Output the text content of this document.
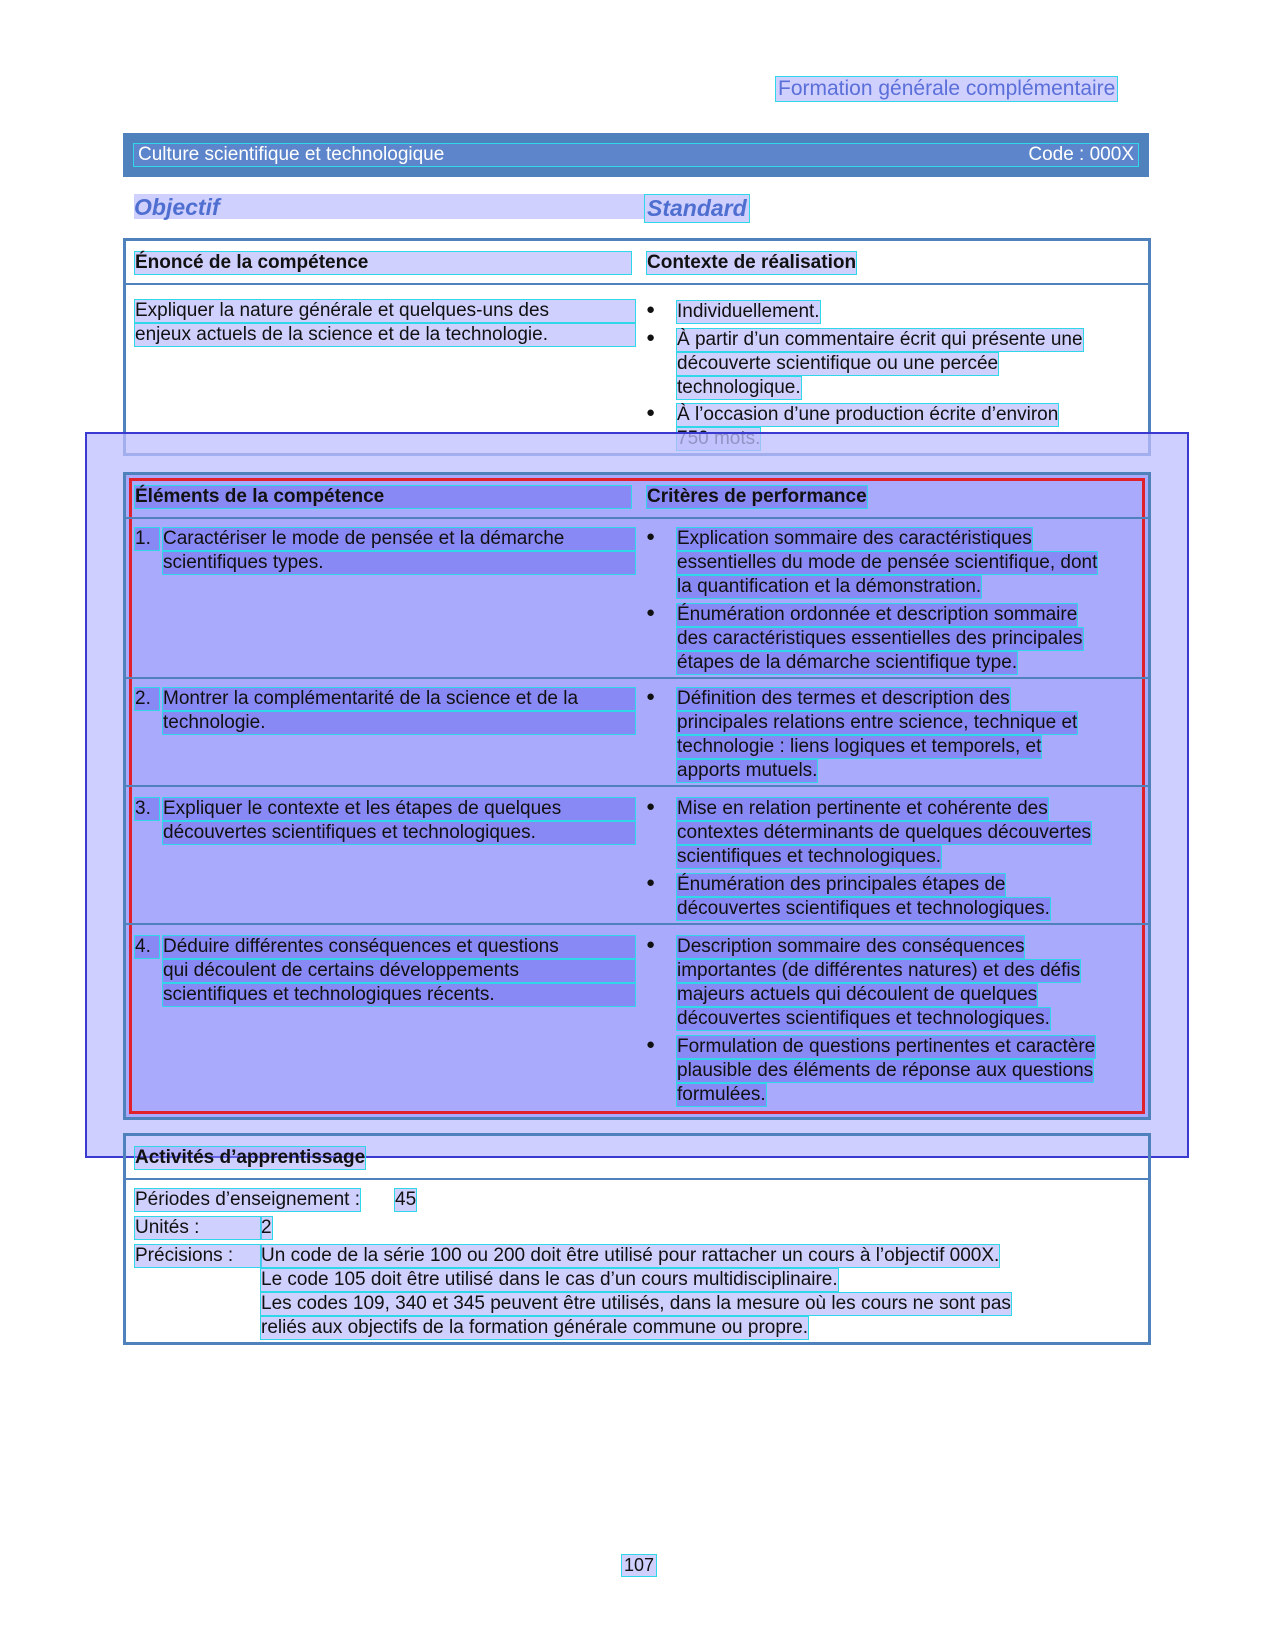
Formation générale complémentaire
Culture scientifique et technologique	Code : 000X
Objectif	Standard
Énoncé de la compétence	Contexte de réalisation
Expliquer la nature générale et quelques-uns des
enjeux actuels de la science et de la technologie.
● Individuellement.
● À partir d’un commentaire écrit qui présente une
découverte scientifique ou une percée
technologique.
● À l’occasion d’une production écrite d’environ
Éléments de la compétence	Critères de performance
1. Caractériser le mode de pensée et la démarche
scientifiques types.
● Explication sommaire des caractéristiques
essentielles du mode de pensée scientifique, dont
la quantification et la démonstration.
● Énumération ordonnée et description sommaire
des caractéristiques essentielles des principales
étapes de la démarche scientifique type.
2. Montrer la complémentarité de la science et de la
technologie.
● Définition des termes et description des
principales relations entre science, technique et
technologie : liens logiques et temporels, et
apports mutuels.
3. Expliquer le contexte et les étapes de quelques
découvertes scientifiques et technologiques.
● Mise en relation pertinente et cohérente des
contextes déterminants de quelques découvertes
scientifiques et technologiques.
● Énumération des principales étapes de
découvertes scientifiques et technologiques.
4. Déduire différentes conséquences et questions
qui découlent de certains développements
scientifiques et technologiques récents.
● Description sommaire des conséquences
importantes (de différentes natures) et des défis
majeurs actuels qui découlent de quelques
découvertes scientifiques et technologiques.
● Formulation de questions pertinentes et caractère
plausible des éléments de réponse aux questions
formulées.
Activités d’apprentissage
Périodes d’enseignement : 45
Unités :	2
Précisions :	Un code de la série 100 ou 200 doit être utilisé pour rattacher un cours à l’objectif 000X.
Le code 105 doit être utilisé dans le cas d’un cours multidisciplinaire.
Les codes 109, 340 et 345 peuvent être utilisés, dans la mesure où les cours ne sont pas
reliés aux objectifs de la formation générale commune ou propre.
107
